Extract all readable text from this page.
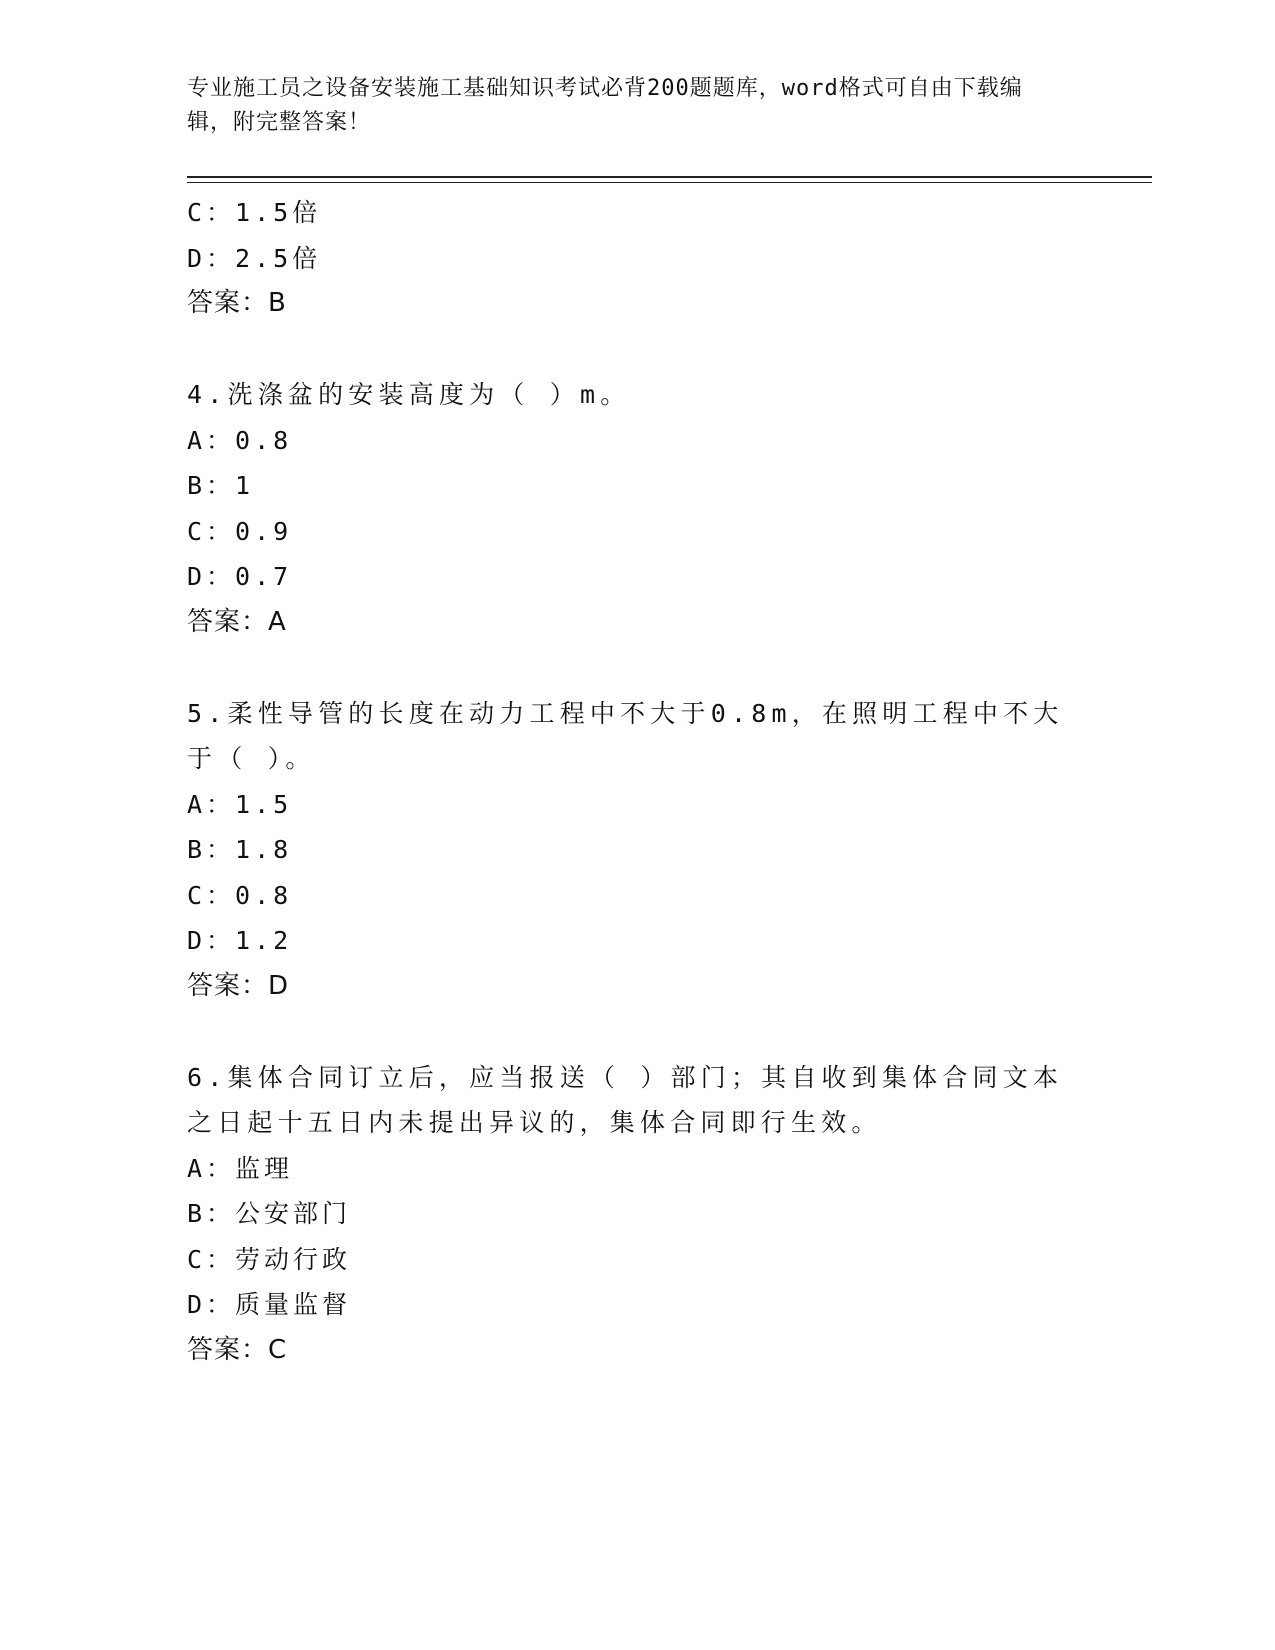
专业施工员之设备安装施工基础知识考试必背200题题库，word格式可自由下载编辑，附完整答案！
C：1.5倍
D：2.5倍
答案：B
4.洗涤盆的安装高度为（ ）m。
A：0.8
B：1
C：0.9
D：0.7
答案：A
5.柔性导管的长度在动力工程中不大于0.8m，在照明工程中不大于（ ）。
A：1.5
B：1.8
C：0.8
D：1.2
答案：D
6.集体合同订立后，应当报送（ ）部门；其自收到集体合同文本之日起十五日内未提出异议的，集体合同即行生效。
A：监理
B：公安部门
C：劳动行政
D：质量监督
答案：C
